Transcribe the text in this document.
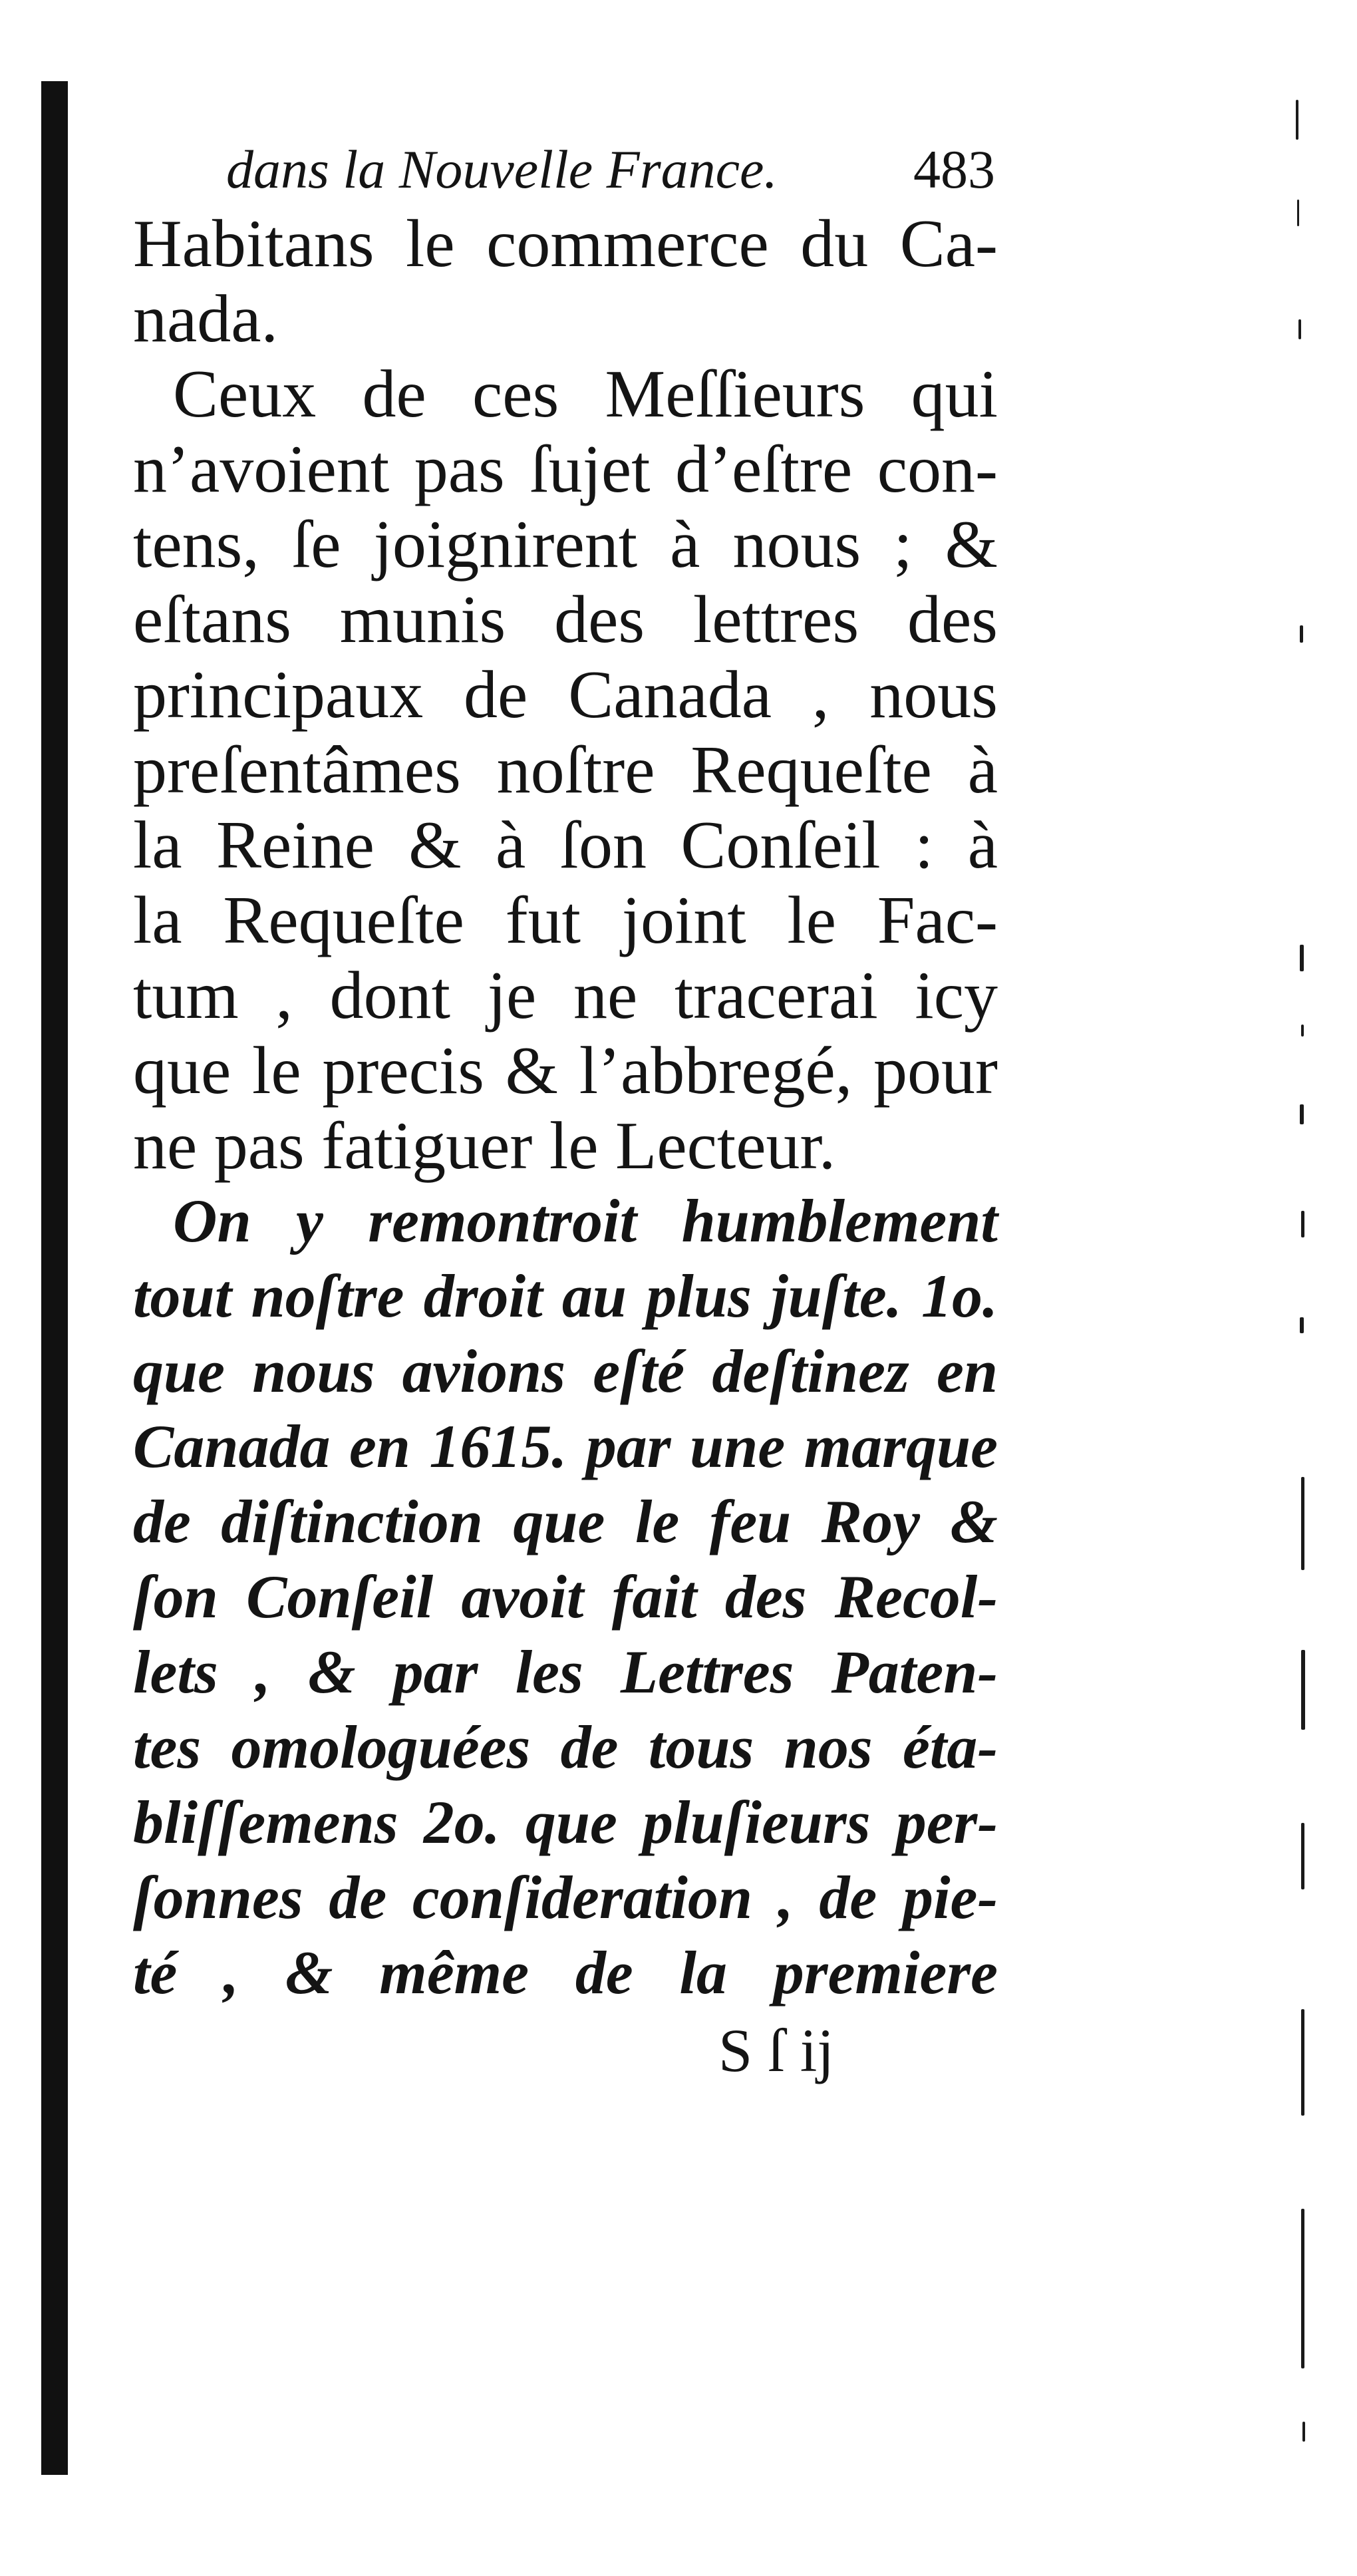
dans la Nouvelle France. 483
Habitans le commerce du Ca-
nada.
Ceux de ces Meſſieurs qui
n’avoient pas ſujet d’eſtre con-
tens, ſe joignirent à nous ; &
eſtans munis des lettres des
principaux de Canada , nous
preſentâmes noſtre Requeſte à
la Reine & à ſon Conſeil : à
la Requeſte fut joint le Fac-
tum , dont je ne tracerai icy
que le precis & l’abbregé, pour
ne pas fatiguer le Lecteur.
On y remontroit humblement
tout noſtre droit au plus juſte. 1o.
que nous avions eſté deſtinez en
Canada en 1615. par une marque
de diſtinction que le feu Roy &
ſon Conſeil avoit fait des Recol-
lets , & par les Lettres Paten-
tes omologuées de tous nos éta-
bliſſemens 2o. que pluſieurs per-
ſonnes de conſideration , de pie-
té , & même de la premiere
S ſ ij
